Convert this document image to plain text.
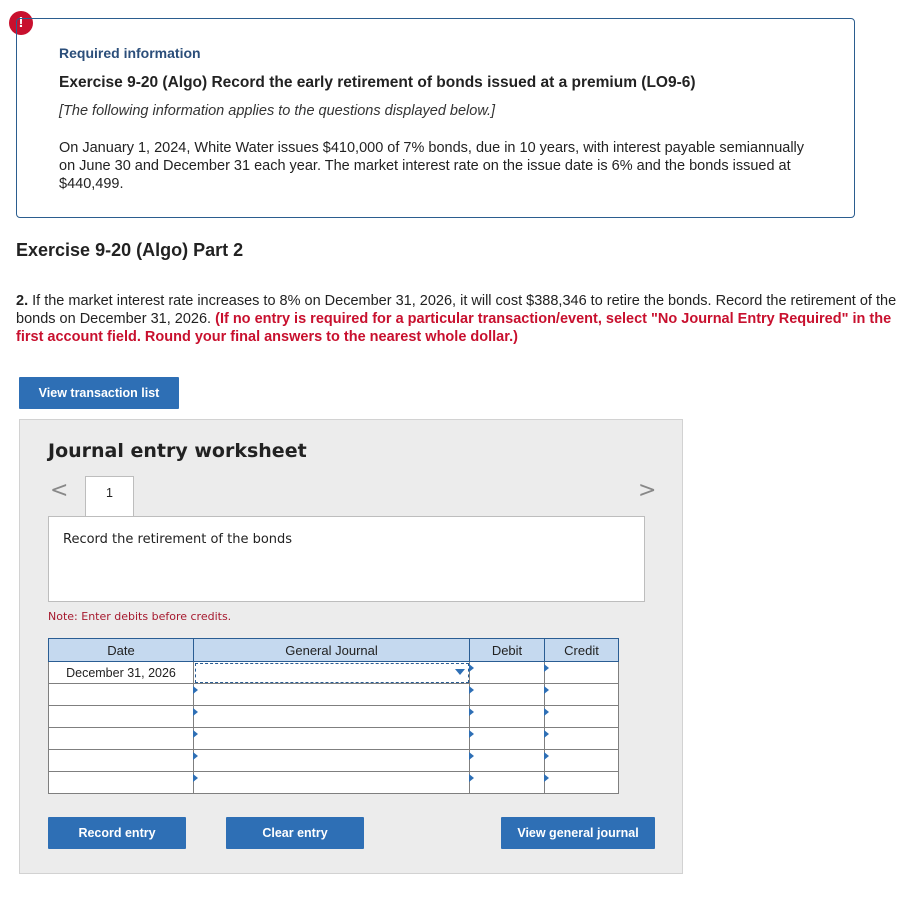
!
Required information
Exercise 9-20 (Algo) Record the early retirement of bonds issued at a premium (LO9-6)
[The following information applies to the questions displayed below.]
On January 1, 2024, White Water issues $410,000 of 7% bonds, due in 10 years, with interest payable semiannually on June 30 and December 31 each year. The market interest rate on the issue date is 6% and the bonds issued at $440,499.
Exercise 9-20 (Algo) Part 2
2. If the market interest rate increases to 8% on December 31, 2026, it will cost $388,346 to retire the bonds. Record the retirement of the bonds on December 31, 2026. (If no entry is required for a particular transaction/event, select "No Journal Entry Required" in the first account field. Round your final answers to the nearest whole dollar.)
View transaction list
Journal entry worksheet
<	>
1
Record the retirement of the bonds
Note: Enter debits before credits.
Date	General Journal	Debit	Credit
December 31, 2026	

Record entry	Clear entry	View general journal
